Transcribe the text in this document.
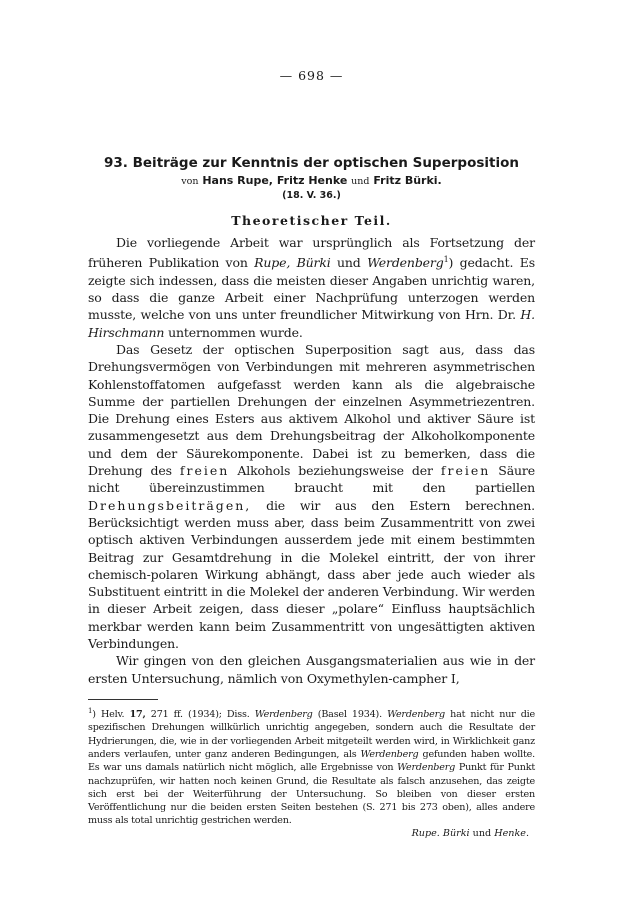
— 698 —

93. Beiträge zur Kenntnis der optischen Superposition

von Hans Rupe, Fritz Henke und Fritz Bürki.

(18. V. 36.)

Theoretischer Teil.

Die vorliegende Arbeit war ursprünglich als Fortsetzung der früheren Publikation von Rupe, Bürki und Werdenberg$^1$) gedacht. Es zeigte sich indessen, dass die meisten dieser Angaben unrichtig waren, so dass die ganze Arbeit einer Nachprüfung unterzogen werden musste, welche von uns unter freundlicher Mitwirkung von Hrn. Dr. H. Hirschmann unternommen wurde.

Das Gesetz der optischen Superposition sagt aus, dass das Drehungsvermögen von Verbindungen mit mehreren asymmetrischen Kohlenstoffatomen aufgefasst werden kann als die algebraische Summe der partiellen Drehungen der einzelnen Asymmetriezentren. Die Drehung eines Esters aus aktivem Alkohol und aktiver Säure ist zusammengesetzt aus dem Drehungsbeitrag der Alkoholkomponente und dem der Säurekomponente. Dabei ist zu bemerken, dass die Drehung des freien Alkohols beziehungsweise der freien Säure nicht übereinzustimmen braucht mit den partiellen Drehungsbeiträgen, die wir aus den Estern berechnen. Berücksichtigt werden muss aber, dass beim Zusammentritt von zwei optisch aktiven Verbindungen ausserdem jede mit einem bestimmten Beitrag zur Gesamtdrehung in die Molekel eintritt, der von ihrer chemisch-polaren Wirkung abhängt, dass aber jede auch wieder als Substituent eintritt in die Molekel der anderen Verbindung. Wir werden in dieser Arbeit zeigen, dass dieser „polare“ Einfluss hauptsächlich merkbar werden kann beim Zusammentritt von ungesättigten aktiven Verbindungen.

Wir gingen von den gleichen Ausgangsmaterialien aus wie in der ersten Untersuchung, nämlich von Oxymethylen-campher I,

$^1$) Helv. 17, 271 ff. (1934); Diss. Werdenberg (Basel 1934). Werdenberg hat nicht nur die spezifischen Drehungen willkürlich unrichtig angegeben, sondern auch die Resultate der Hydrierungen, die, wie in der vorliegenden Arbeit mitgeteilt werden wird, in Wirklichkeit ganz anders verlaufen, unter ganz anderen Bedingungen, als Werdenberg gefunden haben wollte. Es war uns damals natürlich nicht möglich, alle Ergebnisse von Werdenberg Punkt für Punkt nachzuprüfen, wir hatten noch keinen Grund, die Resultate als falsch anzusehen, das zeigte sich erst bei der Weiterführung der Untersuchung. So bleiben von dieser ersten Veröffentlichung nur die beiden ersten Seiten bestehen (S. 271 bis 273 oben), alles andere muss als total unrichtig gestrichen werden.

Rupe. Bürki und Henke.
